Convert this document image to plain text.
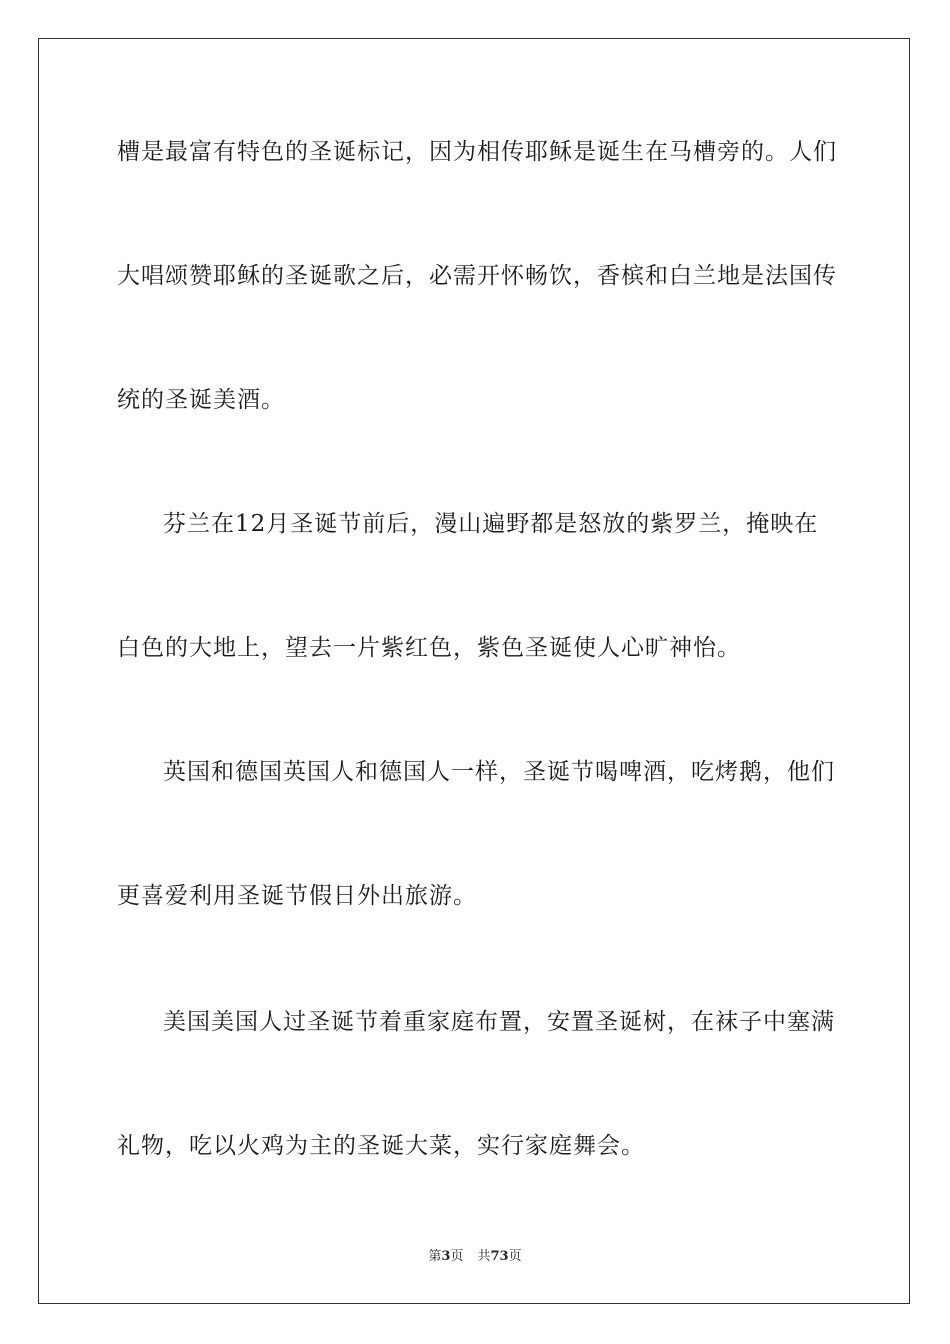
槽是最富有特色的圣诞标记，因为相传耶稣是诞生在马槽旁的。人们
大唱颂赞耶稣的圣诞歌之后，必需开怀畅饮，香槟和白兰地是法国传
统的圣诞美酒。
芬兰在12月圣诞节前后，漫山遍野都是怒放的紫罗兰，掩映在
白色的大地上，望去一片紫红色，紫色圣诞使人心旷神怡。
英国和德国英国人和德国人一样，圣诞节喝啤酒，吃烤鹅，他们
更喜爱利用圣诞节假日外出旅游。
美国美国人过圣诞节着重家庭布置，安置圣诞树，在袜子中塞满
礼物，吃以火鸡为主的圣诞大菜，实行家庭舞会。
第3页 共73页
